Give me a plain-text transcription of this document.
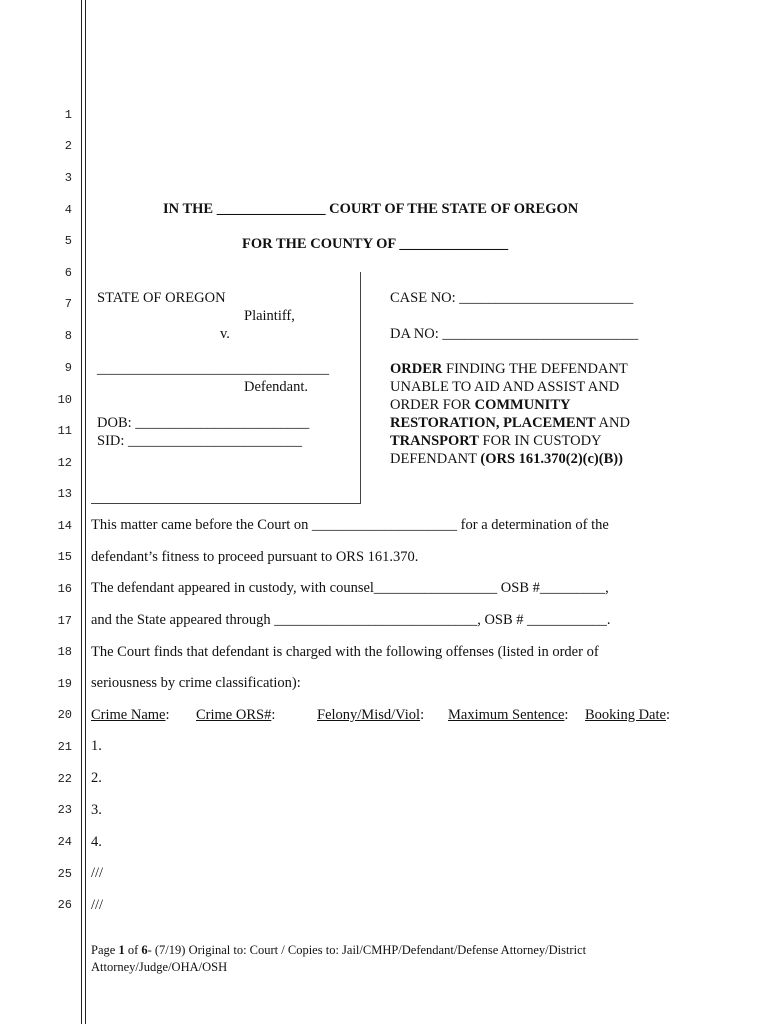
1
2
3
4
5
6
7
8
9
10
11
12
13
14
15
16
17
18
19
20
21
22
23
24
25
26
IN THE _______________ COURT OF THE STATE OF OREGON
FOR THE COUNTY OF _______________
STATE OF OREGON
Plaintiff,
v.
________________________________
Defendant.
DOB: ________________________
SID: ________________________
CASE NO: ________________________
DA NO: ___________________________
ORDER FINDING THE DEFENDANT
UNABLE TO AID AND ASSIST AND
ORDER FOR COMMUNITY
RESTORATION, PLACEMENT AND
TRANSPORT FOR IN CUSTODY
DEFENDANT (ORS 161.370(2)(c)(B))
This matter came before the Court on ____________________ for a determination of the
defendant’s fitness to proceed pursuant to ORS 161.370.
The defendant appeared in custody, with counsel_________________ OSB #_________,
and the State appeared through ____________________________, OSB # ___________.
The Court finds that defendant is charged with the following offenses (listed in order of
seriousness by crime classification):
Crime Name: Crime ORS#:	Felony/Misd/Viol: Maximum Sentence: Booking Date:
1.
2.
3.
4.
///
///
Page 1 of 6- (7/19) Original to: Court / Copies to: Jail/CMHP/Defendant/Defense Attorney/District Attorney/Judge/OHA/OSH
